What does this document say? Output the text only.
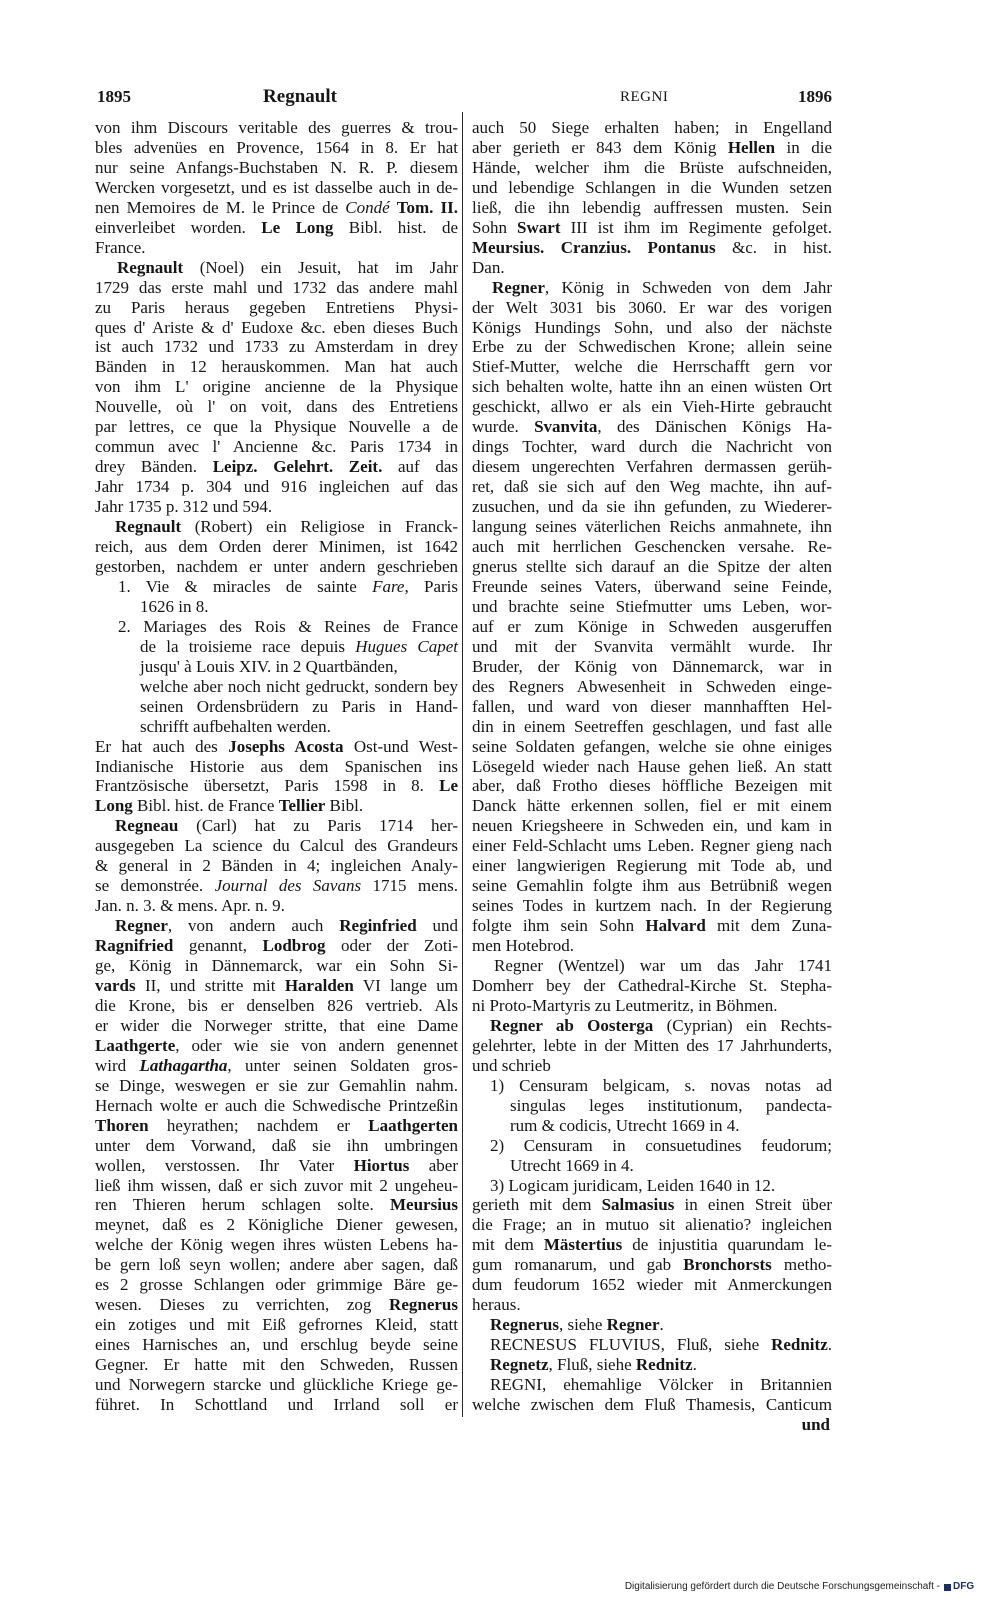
1895	Regnault	REGNI	1896
von ihm Discours veritable des guerres & trou-
bles advenües en Provence, 1564 in 8. Er hat
nur seine Anfangs-Buchstaben N. R. P. diesem
Wercken vorgesetzt, und es ist dasselbe auch in de-
nen Memoires de M. le Prince de Condé Tom. II.
einverleibet worden. Le Long Bibl. hist. de
France.
Regnault (Noel) ein Jesuit, hat im Jahr
1729 das erste mahl und 1732 das andere mahl
zu Paris heraus gegeben Entretiens Physi-
ques d' Ariste & d' Eudoxe &c. eben dieses Buch
ist auch 1732 und 1733 zu Amsterdam in drey
Bänden in 12 herauskommen. Man hat auch
von ihm L' origine ancienne de la Physique
Nouvelle, où l' on voit, dans des Entretiens
par lettres, ce que la Physique Nouvelle a de
commun avec l' Ancienne &c. Paris 1734 in
drey Bänden. Leipz. Gelehrt. Zeit. auf das
Jahr 1734 p. 304 und 916 ingleichen auf das
Jahr 1735 p. 312 und 594.
Regnault (Robert) ein Religiose in Franck-
reich, aus dem Orden derer Minimen, ist 1642
gestorben, nachdem er unter andern geschrieben
1. Vie & miracles de sainte Fare, Paris
1626 in 8.
2. Mariages des Rois & Reines de France
de la troisieme race depuis Hugues Capet
jusqu' à Louis XIV. in 2 Quartbänden,
welche aber noch nicht gedruckt, sondern bey
seinen Ordensbrüdern zu Paris in Hand-
schrifft aufbehalten werden.
Er hat auch des Josephs Acosta Ost-und West-
Indianische Historie aus dem Spanischen ins
Frantzösische übersetzt, Paris 1598 in 8. Le
Long Bibl. hist. de France Tellier Bibl.
Regneau (Carl) hat zu Paris 1714 her-
ausgegeben La science du Calcul des Grandeurs
& general in 2 Bänden in 4; ingleichen Analy-
se demonstrée. Journal des Savans 1715 mens.
Jan. n. 3. & mens. Apr. n. 9.
Regner, von andern auch Reginfried und
Ragnifried genannt, Lodbrog oder der Zoti-
ge, König in Dännemarck, war ein Sohn Si-
vards II, und stritte mit Haralden VI lange um
die Krone, bis er denselben 826 vertrieb. Als
er wider die Norweger stritte, that eine Dame
Laathgerte, oder wie sie von andern genennet
wird Lathagartha, unter seinen Soldaten gros-
se Dinge, weswegen er sie zur Gemahlin nahm.
Hernach wolte er auch die Schwedische Printzeßin
Thoren heyrathen; nachdem er Laathgerten
unter dem Vorwand, daß sie ihn umbringen
wollen, verstossen. Ihr Vater Hiortus aber
ließ ihm wissen, daß er sich zuvor mit 2 ungeheu-
ren Thieren herum schlagen solte. Meursius
meynet, daß es 2 Königliche Diener gewesen,
welche der König wegen ihres wüsten Lebens ha-
be gern loß seyn wollen; andere aber sagen, daß
es 2 grosse Schlangen oder grimmige Bäre ge-
wesen. Dieses zu verrichten, zog Regnerus
ein zotiges und mit Eiß gefrornes Kleid, statt
eines Harnisches an, und erschlug beyde seine
Gegner. Er hatte mit den Schweden, Russen
und Norwegern starcke und glückliche Kriege ge-
führet. In Schottland und Irrland soll er
auch 50 Siege erhalten haben; in Engelland
aber gerieth er 843 dem König Hellen in die
Hände, welcher ihm die Brüste aufschneiden,
und lebendige Schlangen in die Wunden setzen
ließ, die ihn lebendig auffressen musten. Sein
Sohn Swart III ist ihm im Regimente gefolget.
Meursius. Cranzius. Pontanus &c. in hist.
Dan.
Regner, König in Schweden von dem Jahr
der Welt 3031 bis 3060. Er war des vorigen
Königs Hundings Sohn, und also der nächste
Erbe zu der Schwedischen Krone; allein seine
Stief-Mutter, welche die Herrschafft gern vor
sich behalten wolte, hatte ihn an einen wüsten Ort
geschickt, allwo er als ein Vieh-Hirte gebraucht
wurde. Svanvita, des Dänischen Königs Ha-
dings Tochter, ward durch die Nachricht von
diesem ungerechten Verfahren dermassen gerüh-
ret, daß sie sich auf den Weg machte, ihn auf-
zusuchen, und da sie ihn gefunden, zu Wiederer-
langung seines väterlichen Reichs anmahnete, ihn
auch mit herrlichen Geschencken versahe. Re-
gnerus stellte sich darauf an die Spitze der alten
Freunde seines Vaters, überwand seine Feinde,
und brachte seine Stiefmutter ums Leben, wor-
auf er zum Könige in Schweden ausgeruffen
und mit der Svanvita vermählt wurde. Ihr
Bruder, der König von Dännemarck, war in
des Regners Abwesenheit in Schweden einge-
fallen, und ward von dieser mannhafften Hel-
din in einem Seetreffen geschlagen, und fast alle
seine Soldaten gefangen, welche sie ohne einiges
Lösegeld wieder nach Hause gehen ließ. An statt
aber, daß Frotho dieses höffliche Bezeigen mit
Danck hätte erkennen sollen, fiel er mit einem
neuen Kriegsheere in Schweden ein, und kam in
einer Feld-Schlacht ums Leben. Regner gieng nach
einer langwierigen Regierung mit Tode ab, und
seine Gemahlin folgte ihm aus Betrübniß wegen
seines Todes in kurtzem nach. In der Regierung
folgte ihm sein Sohn Halvard mit dem Zuna-
men Hotebrod.
Regner (Wentzel) war um das Jahr 1741
Domherr bey der Cathedral-Kirche St. Stepha-
ni Proto-Martyris zu Leutmeritz, in Böhmen.
Regner ab Oosterga (Cyprian) ein Rechts-
gelehrter, lebte in der Mitten des 17 Jahrhunderts,
und schrieb
1) Censuram belgicam, s. novas notas ad
singulas leges institutionum, pandecta-
rum & codicis, Utrecht 1669 in 4.
2) Censuram in consuetudines feudorum;
Utrecht 1669 in 4.
3) Logicam juridicam, Leiden 1640 in 12.
gerieth mit dem Salmasius in einen Streit über
die Frage; an in mutuo sit alienatio? ingleichen
mit dem Mästertius de injustitia quarundam le-
gum romanarum, und gab Bronchorsts metho-
dum feudorum 1652 wieder mit Anmerckungen
heraus.
Regnerus, siehe Regner.
RECNESUS FLUVIUS, Fluß, siehe Rednitz.
Regnetz, Fluß, siehe Rednitz.
REGNI, ehemahlige Völcker in Britannien
welche zwischen dem Fluß Thamesis, Canticum
und
Digitalisierung gefördert durch die Deutsche Forschungsgemeinschaft - DFG
